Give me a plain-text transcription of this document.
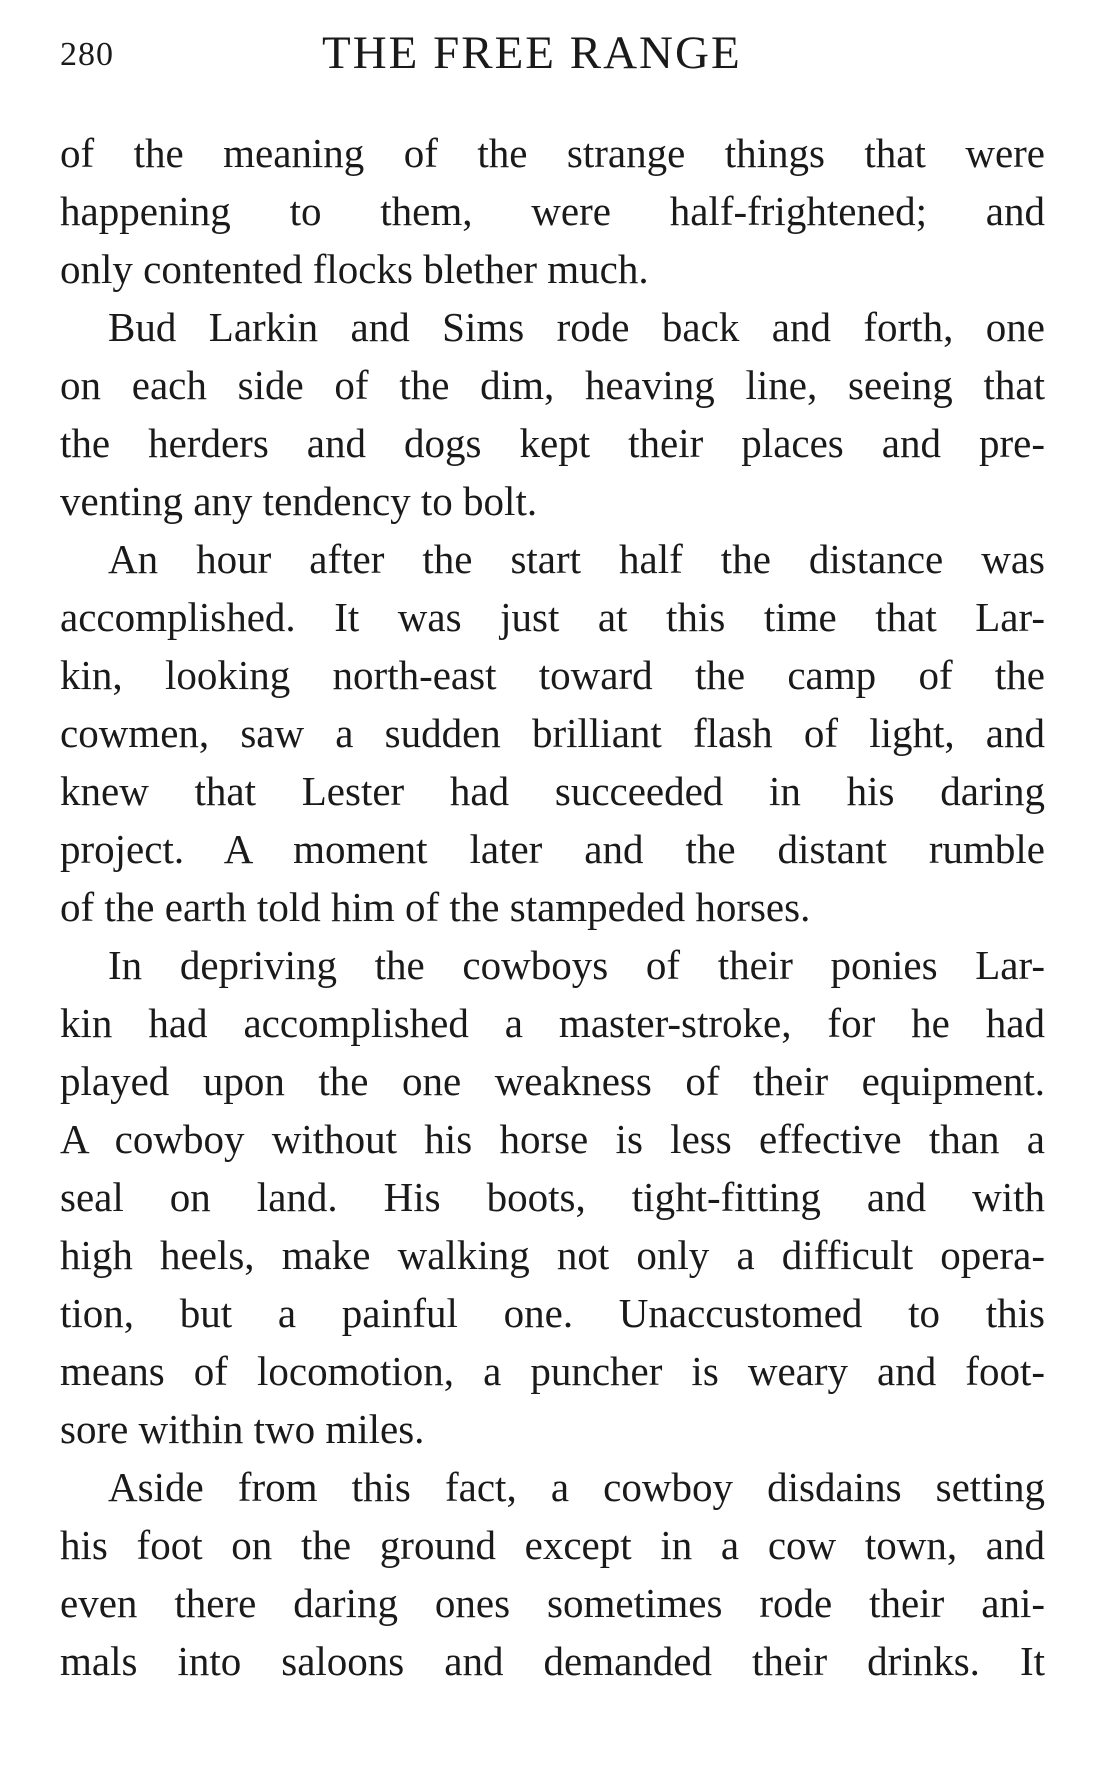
280	THE FREE RANGE
of the meaning of the strange things that were
happening to them, were half-frightened; and
only contented flocks blether much.
Bud Larkin and Sims rode back and forth, one
on each side of the dim, heaving line, seeing that
the herders and dogs kept their places and pre-
venting any tendency to bolt.
An hour after the start half the distance was
accomplished. It was just at this time that Lar-
kin, looking north-east toward the camp of the
cowmen, saw a sudden brilliant flash of light, and
knew that Lester had succeeded in his daring
project. A moment later and the distant rumble
of the earth told him of the stampeded horses.
In depriving the cowboys of their ponies Lar-
kin had accomplished a master-stroke, for he had
played upon the one weakness of their equipment.
A cowboy without his horse is less effective than a
seal on land. His boots, tight-fitting and with
high heels, make walking not only a difficult opera-
tion, but a painful one. Unaccustomed to this
means of locomotion, a puncher is weary and foot-
sore within two miles.
Aside from this fact, a cowboy disdains setting
his foot on the ground except in a cow town, and
even there daring ones sometimes rode their ani-
mals into saloons and demanded their drinks. It
